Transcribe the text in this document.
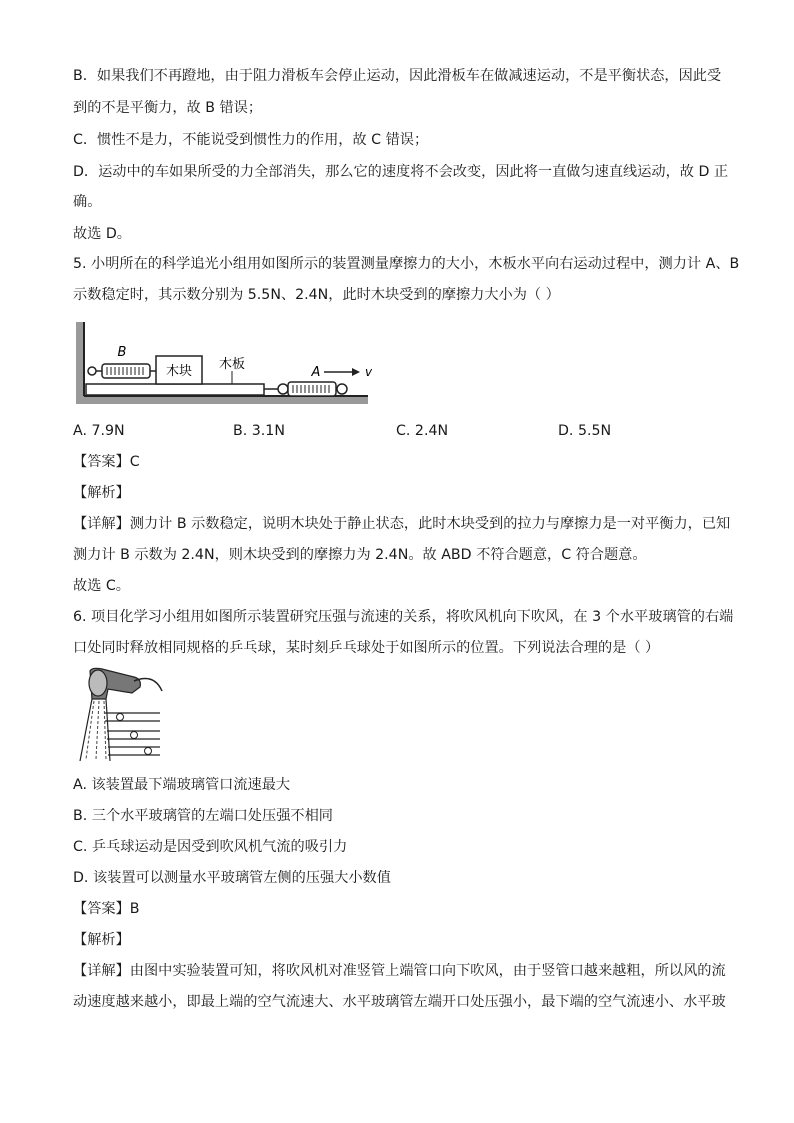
B．如果我们不再蹬地，由于阻力滑板车会停止运动，因此滑板车在做减速运动，不是平衡状态，因此受
到的不是平衡力，故 B 错误；
C．惯性不是力，不能说受到惯性力的作用，故 C 错误；
D．运动中的车如果所受的力全部消失，那么它的速度将不会改变，因此将一直做匀速直线运动，故 D 正
确。
故选 D。
5. 小明所在的科学追光小组用如图所示的装置测量摩擦力的大小，木板水平向右运动过程中，测力计 A、B
示数稳定时，其示数分别为 5.5N、2.4N，此时木块受到的摩擦力大小为（ ）
B
木块 木板
A	v
A. 7.9N	B. 3.1N	C. 2.4N	D. 5.5N
【答案】C
【解析】
【详解】测力计 B 示数稳定，说明木块处于静止状态，此时木块受到的拉力与摩擦力是一对平衡力，已知
测力计 B 示数为 2.4N，则木块受到的摩擦力为 2.4N。故 ABD 不符合题意，C 符合题意。
故选 C。
6. 项目化学习小组用如图所示装置研究压强与流速的关系，将吹风机向下吹风，在 3 个水平玻璃管的右端
口处同时释放相同规格的乒乓球，某时刻乒乓球处于如图所示的位置。下列说法合理的是（ ）
A. 该装置最下端玻璃管口流速最大
B. 三个水平玻璃管的左端口处压强不相同
C. 乒乓球运动是因受到吹风机气流的吸引力
D. 该装置可以测量水平玻璃管左侧的压强大小数值
【答案】B
【解析】
【详解】由图中实验装置可知，将吹风机对准竖管上端管口向下吹风，由于竖管口越来越粗，所以风的流
动速度越来越小，即最上端的空气流速大、水平玻璃管左端开口处压强小，最下端的空气流速小、水平玻
